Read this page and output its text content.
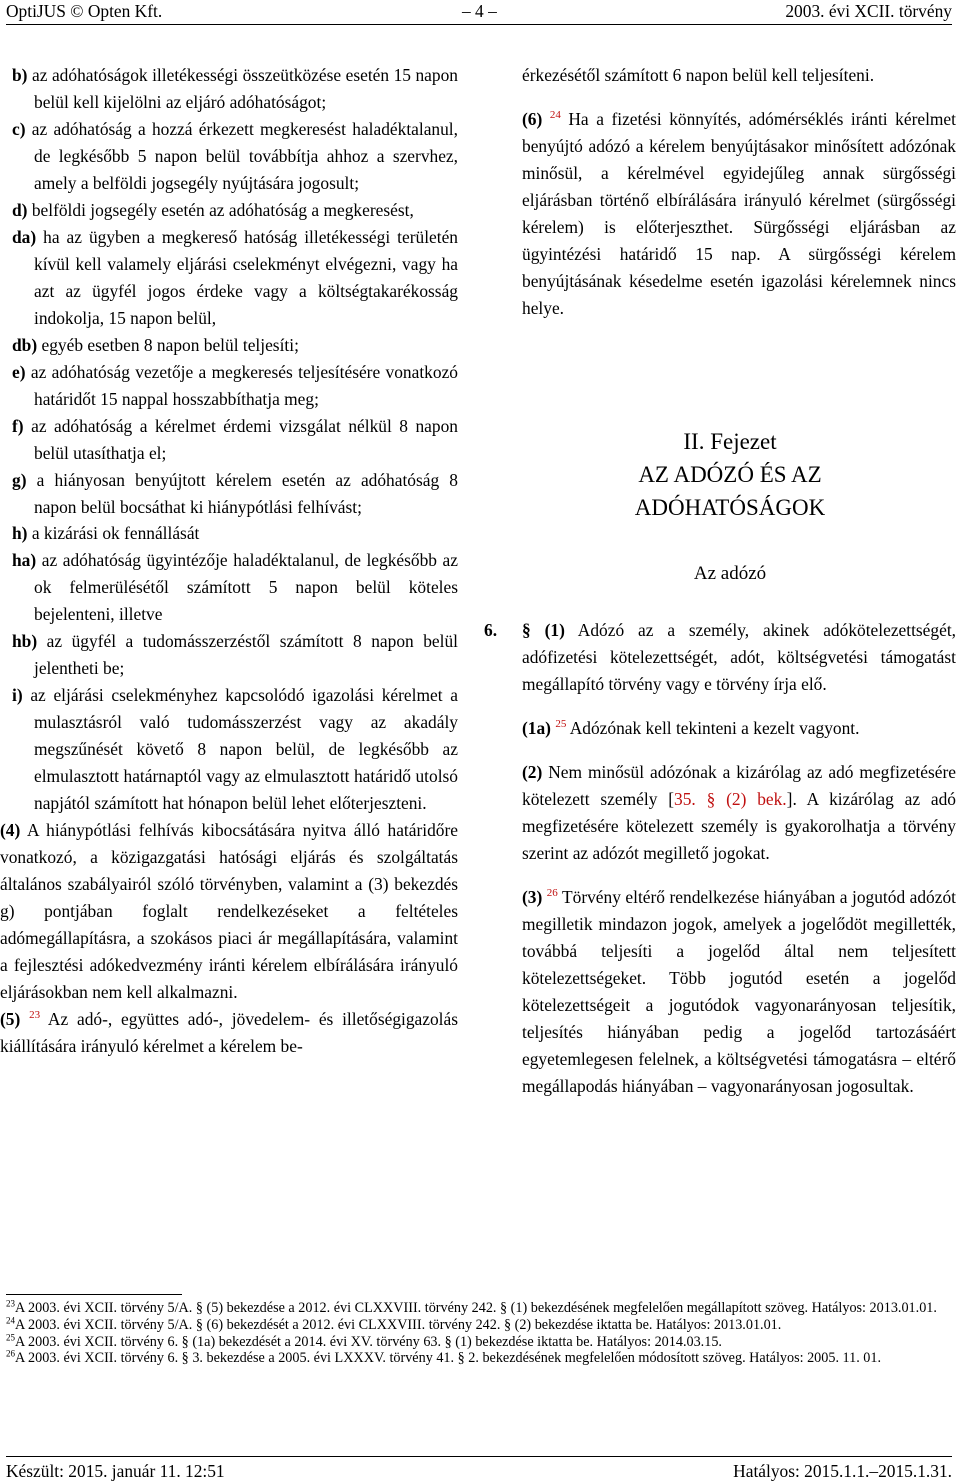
OptiJUS © Opten Kft.	– 4 –	2003. évi XCII. törvény

b) az adóhatóságok illetékességi összeütközése esetén 15 napon belül kell kijelölni az eljáró adóhatóságot;

c) az adóhatóság a hozzá érkezett megkeresést haladéktalanul, de legkésőbb 5 napon belül továbbítja ahhoz a szervhez, amely a belföldi jogsegély nyújtására jogosult;

d) belföldi jogsegély esetén az adóhatóság a megkeresést,

da) ha az ügyben a megkereső hatóság illetékességi területén kívül kell valamely eljárási cselekményt elvégezni, vagy ha azt az ügyfél jogos érdeke vagy a költségtakarékosság indokolja, 15 napon belül,

db) egyéb esetben 8 napon belül teljesíti;

e) az adóhatóság vezetője a megkeresés teljesítésére vonatkozó határidőt 15 nappal hosszabbíthatja meg;

f) az adóhatóság a kérelmet érdemi vizsgálat nélkül 8 napon belül utasíthatja el;

g) a hiányosan benyújtott kérelem esetén az adóhatóság 8 napon belül bocsáthat ki hiánypótlási felhívást;

h) a kizárási ok fennállását

ha) az adóhatóság ügyintézője haladéktalanul, de legkésőbb az ok felmerülésétől számított 5 napon belül köteles bejelenteni, illetve

hb) az ügyfél a tudomásszerzéstől számított 8 napon belül jelentheti be;

i) az eljárási cselekményhez kapcsolódó igazolási kérelmet a mulasztásról való tudomásszerzést vagy az akadály megszűnését követő 8 napon belül, de legkésőbb az elmulasztott határnaptól vagy az elmulasztott határidő utolsó napjától számított hat hónapon belül lehet előterjeszteni.

(4) A hiánypótlási felhívás kibocsátására nyitva álló határidőre vonatkozó, a közigazgatási hatósági eljárás és szolgáltatás általános szabályairól szóló törvényben, valamint a (3) bekezdés g) pontjában foglalt rendelkezéseket a feltételes adómegállapításra, a szokásos piaci ár megállapítására, valamint a fejlesztési adókedvezmény iránti kérelem elbírálására irányuló eljárásokban nem kell alkalmazni.

(5) $^{23}$ Az adó-, együttes adó-, jövedelem- és illetőségigazolás kiállítására irányuló kérelmet a kérelem be-

érkezésétől számított 6 napon belül kell teljesíteni.

(6) $^{24}$ Ha a fizetési könnyítés, adómérséklés iránti kérelmet benyújtó adózó a kérelem benyújtásakor minősített adózónak minősül, a kérelmével egyidejűleg annak sürgősségi eljárásban történő elbírálására irányuló kérelmet (sürgősségi kérelem) is előterjeszthet. Sürgősségi eljárásban az ügyintézési határidő 15 nap. A sürgősségi kérelem benyújtásának késedelme esetén igazolási kérelemnek nincs helye.

II. Fejezet
AZ ADÓZÓ ÉS AZ
ADÓHATÓSÁGOK
Az adózó

6. § (1) Adózó az a személy, akinek adókötelezettségét, adófizetési kötelezettségét, adót, költségvetési támogatást megállapító törvény vagy e törvény írja elő.

(1a) $^{25}$ Adózónak kell tekinteni a kezelt vagyont.

(2) Nem minősül adózónak a kizárólag az adó megfizetésére kötelezett személy [35. § (2) bek.]. A kizárólag az adó megfizetésére kötelezett személy is gyakorolhatja a törvény szerint az adózót megillető jogokat.

(3) $^{26}$ Törvény eltérő rendelkezése hiányában a jogutód adózót megilletik mindazon jogok, amelyek a jogelődöt megillették, továbbá teljesíti a jogelőd által nem teljesített kötelezettségeket. Több jogutód esetén a jogelőd kötelezettségeit a jogutódok vagyonarányosan teljesítik, teljesítés hiányában pedig a jogelőd tartozásáért egyetemlegesen felelnek, a költségvetési támogatásra – eltérő megállapodás hiányában – vagyonarányosan jogosultak.

$^{23}$A 2003. évi XCII. törvény 5/A. § (5) bekezdése a 2012. évi CLXXVIII. törvény 242. § (1) bekezdésének megfelelően megállapított szöveg. Hatályos: 2013.01.01.

$^{24}$A 2003. évi XCII. törvény 5/A. § (6) bekezdését a 2012. évi CLXXVIII. törvény 242. § (2) bekezdése iktatta be. Hatályos: 2013.01.01.

$^{25}$A 2003. évi XCII. törvény 6. § (1a) bekezdését a 2014. évi XV. törvény 63. § (1) bekezdése iktatta be. Hatályos: 2014.03.15.

$^{26}$A 2003. évi XCII. törvény 6. § 3. bekezdése a 2005. évi LXXXV. törvény 41. § 2. bekezdésének megfelelően módosított szöveg. Hatályos: 2005. 11. 01.

Készült: 2015. január 11. 12:51	Hatályos: 2015.1.1.–2015.1.31.
